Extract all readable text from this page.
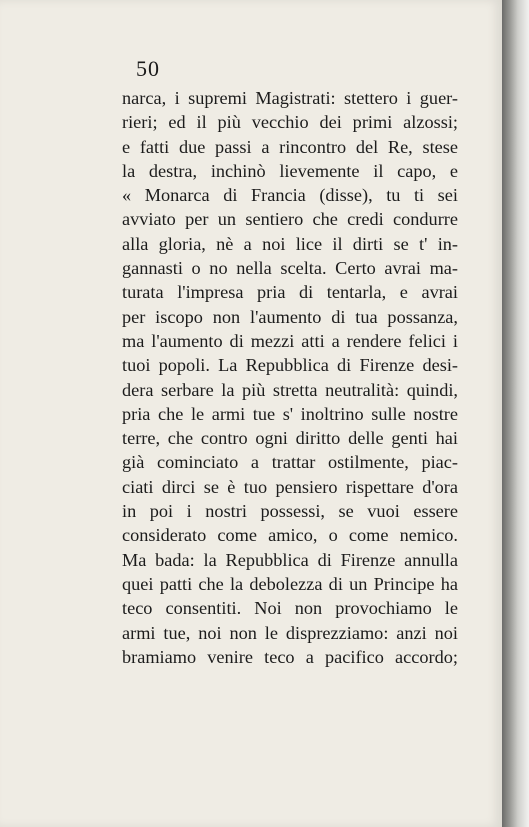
50
narca, i supremi Magistrati: stettero i guer-
rieri; ed il più vecchio dei primi alzossi;
e fatti due passi a rincontro del Re, stese
la destra, inchinò lievemente il capo, e
« Monarca di Francia (disse), tu ti sei
avviato per un sentiero che credi condurre
alla gloria, nè a noi lice il dirti se t' in-
gannasti o no nella scelta. Certo avrai ma-
turata l'impresa pria di tentarla, e avrai
per iscopo non l'aumento di tua possanza,
ma l'aumento di mezzi atti a rendere felici i
tuoi popoli. La Repubblica di Firenze desi-
dera serbare la più stretta neutralità: quindi,
pria che le armi tue s' inoltrino sulle nostre
terre, che contro ogni diritto delle genti hai
già cominciato a trattar ostilmente, piac-
ciati dirci se è tuo pensiero rispettare d'ora
in poi i nostri possessi, se vuoi essere
considerato come amico, o come nemico.
Ma bada: la Repubblica di Firenze annulla
quei patti che la debolezza di un Principe ha
teco consentiti. Noi non provochiamo le
armi tue, noi non le disprezziamo: anzi noi
bramiamo venire teco a pacifico accordo;
